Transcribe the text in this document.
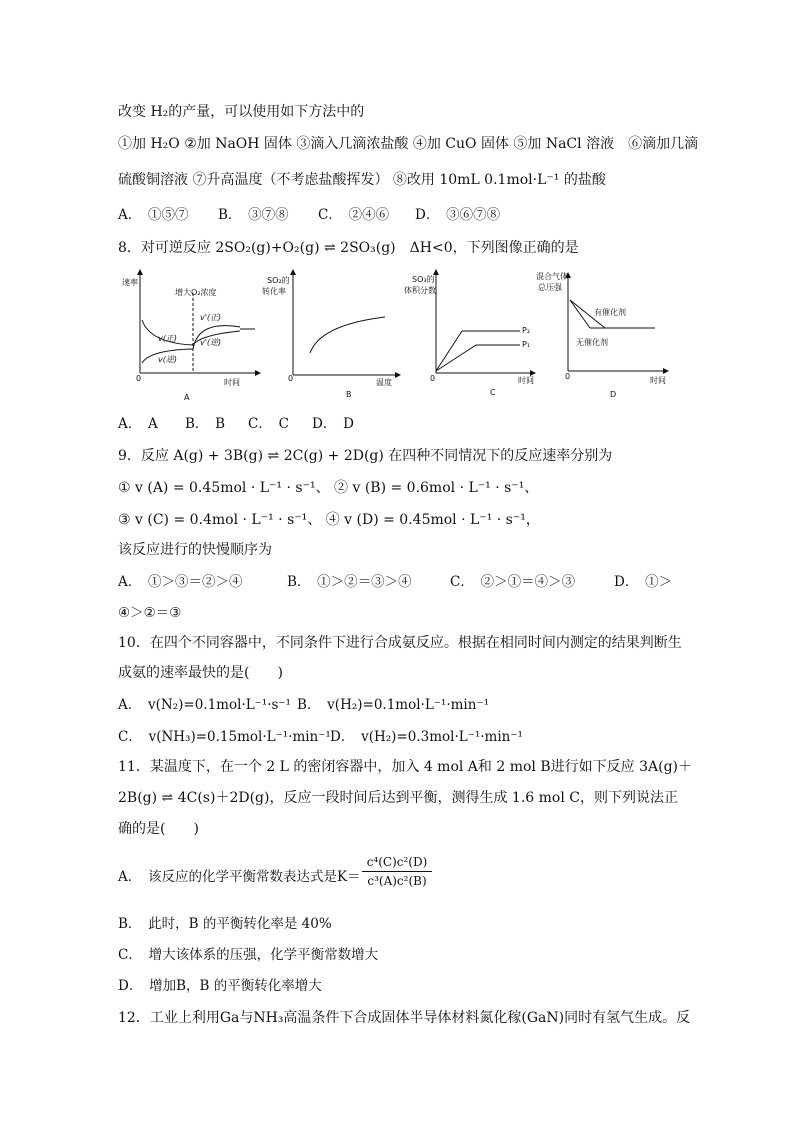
改变 H₂的产量，可以使用如下方法中的
①加 H₂O ②加 NaOH 固体 ③滴入几滴浓盐酸 ④加 CuO 固体 ⑤加 NaCl 溶液　⑥滴加几滴
硫酸铜溶液 ⑦升高温度（不考虑盐酸挥发） ⑧改用 10mL 0.1mol·L⁻¹ 的盐酸
A．　①⑤⑦ B．　③⑦⑧ C．　②④⑥ D．　③⑥⑦⑧
8．对可逆反应 2SO₂(g)+O₂(g) ⇌ 2SO₃(g)　ΔH<0，下列图像正确的是
速率
增大O₂浓度
v'(正)
v'(逆)
v(正)
v(逆)
0	时间
A
SO₂的
转化率
0	温度
B
SO₃的
体积分数
P₂
P₁
0	时间
C
混合气体
总压强
有催化剂
无催化剂
0	时间
D
A．　A B．　B C．　C D．　D
9．反应 A(g) + 3B(g) ⇌ 2C(g) + 2D(g) 在四种不同情况下的反应速率分别为
① v (A) = 0.45mol · L⁻¹ · s⁻¹、 ② v (B) = 0.6mol · L⁻¹ · s⁻¹、
③ v (C) = 0.4mol · L⁻¹ · s⁻¹、 ④ v (D) = 0.45mol · L⁻¹ · s⁻¹，
该反应进行的快慢顺序为
A．　①＞③＝②＞④	B．　①＞②＝③＞④	C．　②＞①＝④＞③	D．　①＞
④＞②＝③
10．在四个不同容器中，不同条件下进行合成氨反应。根据在相同时间内测定的结果判断生
成氨的速率最快的是(　　)
A．　v(N₂)=0.1mol·L⁻¹·s⁻¹ B．　v(H₂)=0.1mol·L⁻¹·min⁻¹
C．　v(NH₃)=0.15mol·L⁻¹·min⁻¹ D．　v(H₂)=0.3mol·L⁻¹·min⁻¹
11．某温度下，在一个 2 L 的密闭容器中，加入 4 mol A和 2 mol B进行如下反应 3A(g)＋
2B(g) ⇌ 4C(s)＋2D(g)，反应一段时间后达到平衡，测得生成 1.6 mol C，则下列说法正
确的是(　　)
A．　该反应的化学平衡常数表达式是K＝
c⁴(C)c²(D)
c³(A)c²(B)
B．　此时，B 的平衡转化率是 40%
C．　增大该体系的压强，化学平衡常数增大
D．　增加B，B 的平衡转化率增大
12．工业上利用Ga与NH₃高温条件下合成固体半导体材料氮化稼(GaN)同时有氢气生成。反
